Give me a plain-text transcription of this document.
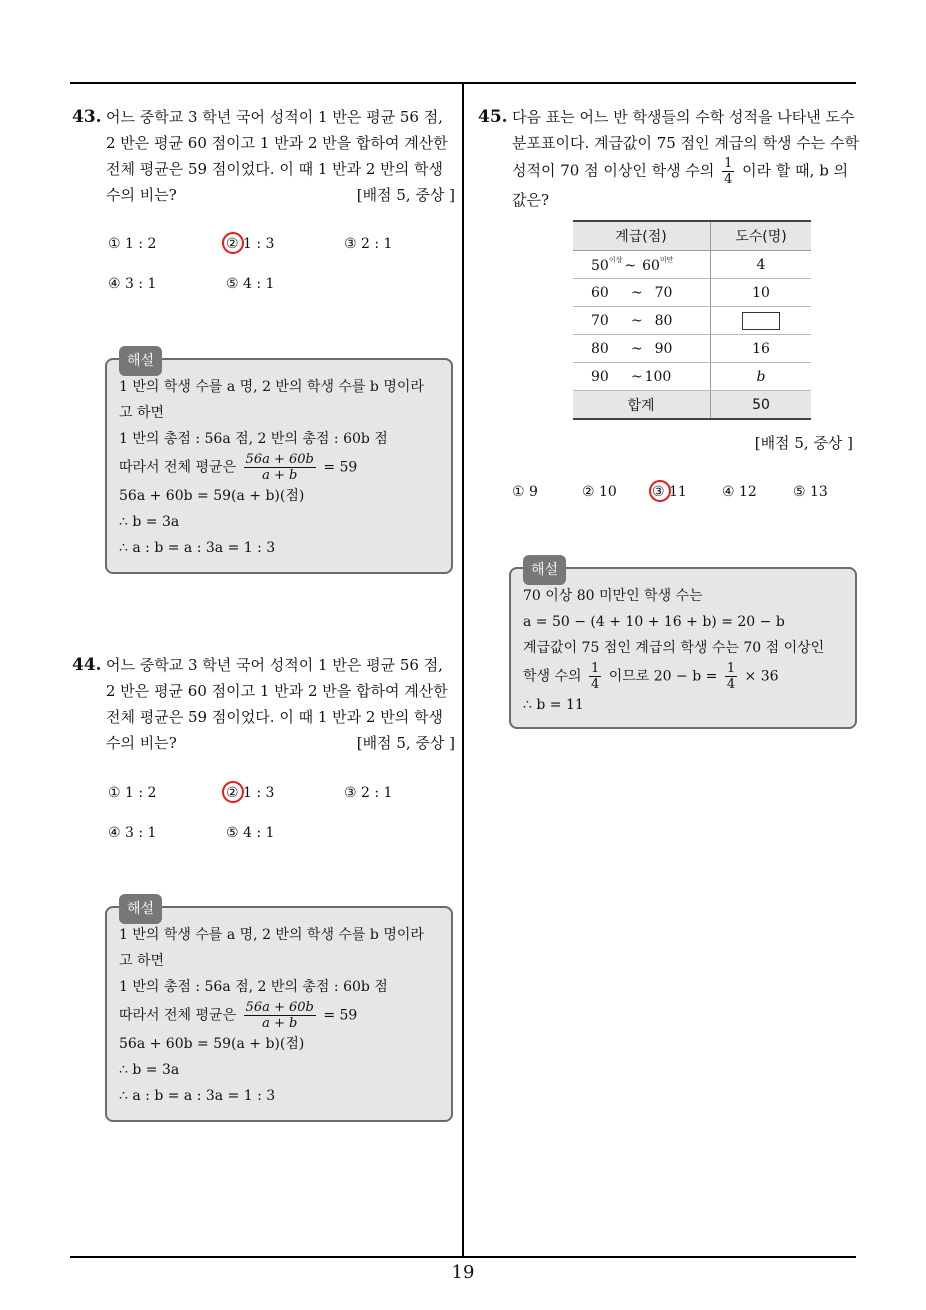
19
43. 어느 중학교 3 학년 국어 성적이 1 반은 평균 56 점, 2 반은 평균 60 점이고 1 반과 2 반을 합하여 계산한 전체 평균은 59 점이었다. 이 때 1 반과 2 반의 학생 수의 비는?	[배점 5, 중상 ]
① 1 : 2	② 1 : 3	③ 2 : 1
④ 3 : 1	⑤ 4 : 1
해설
1 반의 학생 수를 a 명, 2 반의 학생 수를 b 명이라
고 하면
1 반의 총점 : 56a 점, 2 반의 총점 : 60b 점
따라서 전체 평균은 $\frac{56a + 60b}{a + b} = 59$
56a + 60b = 59(a + b)(점)
∴ b = 3a
∴ a : b = a : 3a = 1 : 3
44. 어느 중학교 3 학년 국어 성적이 1 반은 평균 56 점, 2 반은 평균 60 점이고 1 반과 2 반을 합하여 계산한 전체 평균은 59 점이었다. 이 때 1 반과 2 반의 학생 수의 비는?	[배점 5, 중상 ]
① 1 : 2	② 1 : 3	③ 2 : 1
④ 3 : 1	⑤ 4 : 1
해설
1 반의 학생 수를 a 명, 2 반의 학생 수를 b 명이라
고 하면
1 반의 총점 : 56a 점, 2 반의 총점 : 60b 점
따라서 전체 평균은 $\frac{56a + 60b}{a + b} = 59$
56a + 60b = 59(a + b)(점)
∴ b = 3a
∴ a : b = a : 3a = 1 : 3
45. 다음 표는 어느 반 학생들의 수학 성적을 나타낸 도수분포표이다. 계급값이 75 점인 계급의 학생 수는 수학 성적이 70 점 이상인 학생 수의 $\frac{1}{4}$ 이라 할 때, b 의 값은?
계급(점)	도수(명)
$50^{이상}$ ~ $60^{미만}$	4
60 ~ 70	10
70 ~ 80	
80 ~ 90	16
90 ~ 100	b
합계	50
[배점 5, 중상 ]
① 9	② 10	③ 11	④ 12	⑤ 13
해설
70 이상 80 미만인 학생 수는
a = 50 − (4 + 10 + 16 + b) = 20 − b
계급값이 75 점인 계급의 학생 수는 70 점 이상인
학생 수의 $\frac{1}{4}$ 이므로 $20 - b = \frac{1}{4} \times 36$
∴ b = 11
